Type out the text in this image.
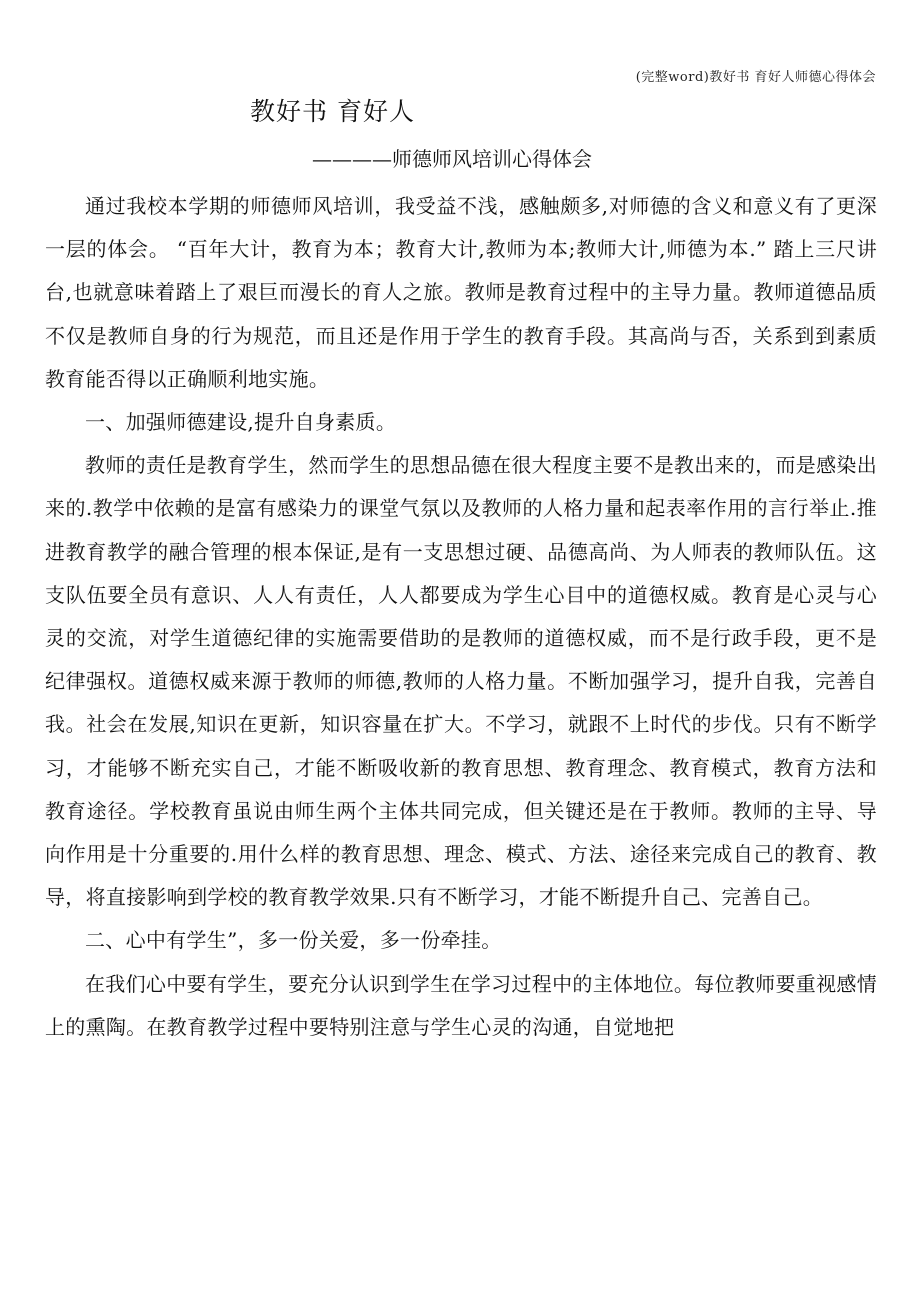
(完整word)教好书 育好人师德心得体会
教好书 育好人
————师德师风培训心得体会

通过我校本学期的师德师风培训，我受益不浅，感触颇多,对师德的含义和意义有了更深一层的体会。 “百年大计，教育为本；教育大计,教师为本;教师大计,师德为本.” 踏上三尺讲台,也就意味着踏上了艰巨而漫长的育人之旅。教师是教育过程中的主导力量。教师道德品质不仅是教师自身的行为规范，而且还是作用于学生的教育手段。其高尚与否，关系到到素质教育能否得以正确顺利地实施。

一、加强师德建设,提升自身素质。

教师的责任是教育学生，然而学生的思想品德在很大程度主要不是教出来的，而是感染出来的.教学中依赖的是富有感染力的课堂气氛以及教师的人格力量和起表率作用的言行举止.推进教育教学的融合管理的根本保证,是有一支思想过硬、品德高尚、为人师表的教师队伍。这支队伍要全员有意识、人人有责任，人人都要成为学生心目中的道德权威。教育是心灵与心灵的交流，对学生道德纪律的实施需要借助的是教师的道德权威，而不是行政手段，更不是纪律强权。道德权威来源于教师的师德,教师的人格力量。不断加强学习，提升自我，完善自我。社会在发展,知识在更新，知识容量在扩大。不学习，就跟不上时代的步伐。只有不断学习，才能够不断充实自己，才能不断吸收新的教育思想、教育理念、教育模式，教育方法和教育途径。学校教育虽说由师生两个主体共同完成，但关键还是在于教师。教师的主导、导向作用是十分重要的.用什么样的教育思想、理念、模式、方法、途径来完成自己的教育、教导，将直接影响到学校的教育教学效果.只有不断学习，才能不断提升自己、完善自己。

二、心中有学生”，多一份关爱，多一份牵挂。

在我们心中要有学生，要充分认识到学生在学习过程中的主体地位。每位教师要重视感情上的熏陶。在教育教学过程中要特别注意与学生心灵的沟通，自觉地把
